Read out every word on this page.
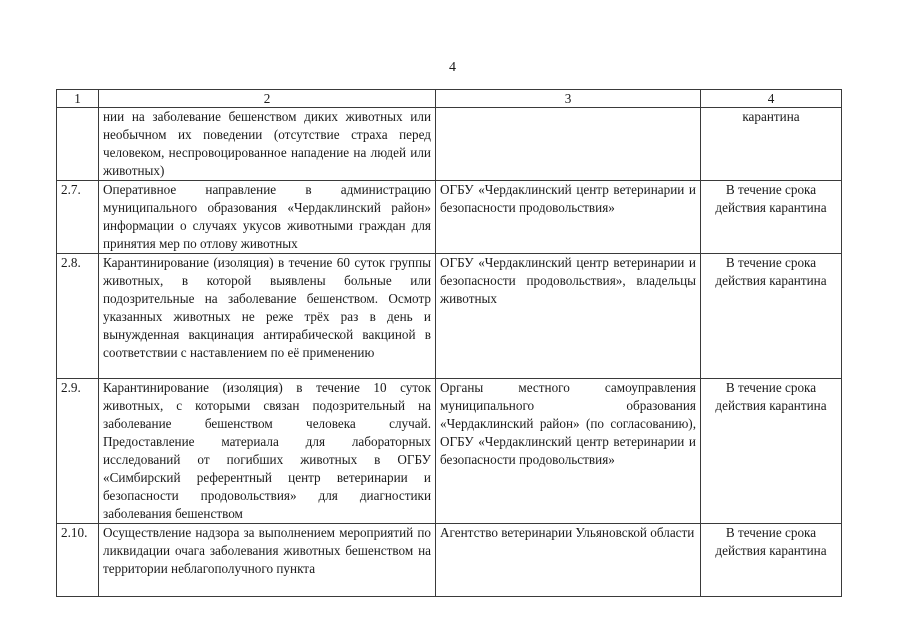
4
1	2	3	4
	нии на заболевание бешенством диких животных или необычном их поведении (отсутствие страха перед человеком, неспровоцированное нападение на людей или животных)		карантина
2.7.	Оперативное направление в администрацию муниципального образования «Чердаклинский район» информации о случаях укусов животными граждан для принятия мер по отлову животных	ОГБУ «Чердаклинский центр ветеринарии и безопасности продовольствия»	В течение срока действия карантина
2.8.	Карантинирование (изоляция) в течение 60 суток группы животных, в которой выявлены больные или подозрительные на заболевание бешенством. Осмотр указанных животных не реже трёх раз в день и вынужденная вакцинация антирабической вакциной в соответствии с наставлением по её применению	ОГБУ «Чердаклинский центр ветеринарии и безопасности продовольствия», владельцы животных	В течение срока действия карантина
2.9.	Карантинирование (изоляция) в течение 10 суток животных, с которыми связан подозрительный на заболевание бешенством человека случай. Предоставление материала для лабораторных исследований от погибших животных в ОГБУ «Симбирский референтный центр ветеринарии и безопасности продовольствия» для диагностики заболевания бешенством	Органы местного самоуправления муниципального образования «Чердаклинский район» (по согласованию), ОГБУ «Чердаклинский центр ветеринарии и безопасности продовольствия»	В течение срока действия карантина
2.10.	Осуществление надзора за выполнением мероприятий по ликвидации очага заболевания животных бешенством на территории неблагополучного пункта	Агентство ветеринарии Ульяновской области	В течение срока действия карантина
